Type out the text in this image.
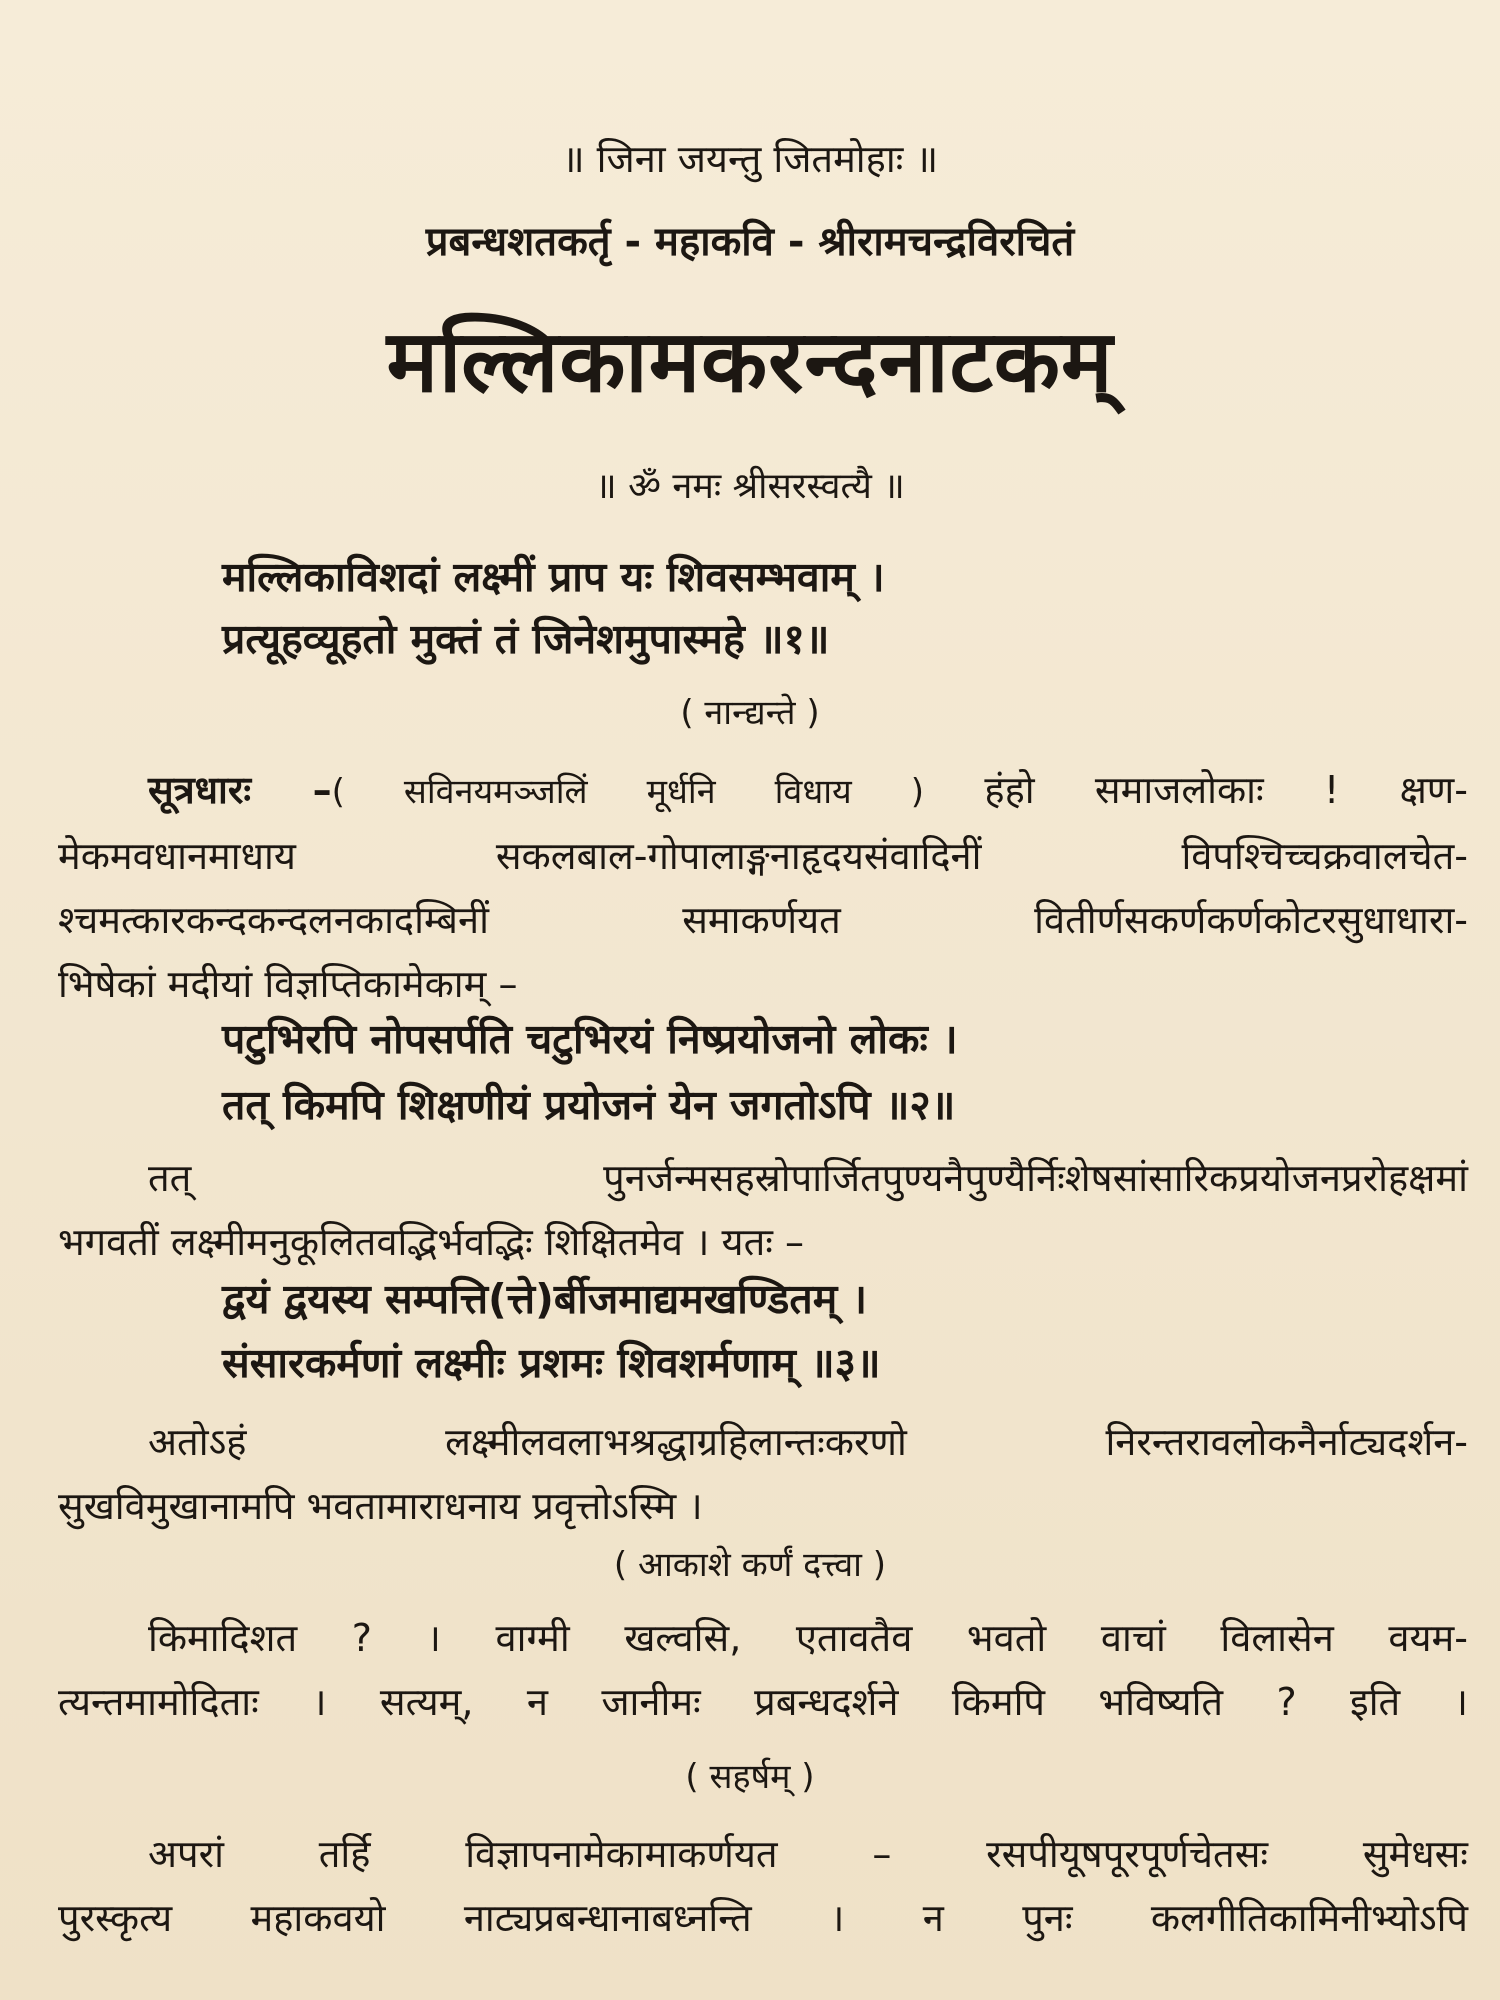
॥ जिना जयन्तु जितमोहाः ॥

प्रबन्धशतकर्तृ - महाकवि - श्रीरामचन्द्रविरचितं

मल्लिकामकरन्दनाटकम्

॥ ॐ नमः श्रीसरस्वत्यै ॥

मल्लिकाविशदां लक्ष्मीं प्राप यः शिवसम्भवाम् ।

प्रत्यूहव्यूहतो मुक्तं तं जिनेशमुपास्महे ॥१॥

( नान्द्यन्ते )

सूत्रधारः –( सविनयमञ्जलिं मूर्धनि विधाय ) हंहो समाजलोकाः ! क्षण-
मेकमवधानमाधाय सकलबाल-गोपालाङ्गनाहृदयसंवादिनीं विपश्चिच्चक्रवालचेत-
श्चमत्कारकन्दकन्दलनकादम्बिनीं समाकर्णयत वितीर्णसकर्णकर्णकोटरसुधाधारा-
भिषेकां मदीयां विज्ञप्तिकामेकाम् –

पटुभिरपि नोपसर्पति चटुभिरयं निष्प्रयोजनो लोकः ।

तत् किमपि शिक्षणीयं प्रयोजनं येन जगतोऽपि ॥२॥

तत् पुनर्जन्मसहस्रोपार्जितपुण्यनैपुण्यैर्निःशेषसांसारिकप्रयोजनप्ररोहक्षमां
भगवतीं लक्ष्मीमनुकूलितवद्भिर्भवद्भिः शिक्षितमेव । यतः –

द्वयं द्वयस्य सम्पत्ति(त्ते)र्बीजमाद्यमखण्डितम् ।

संसारकर्मणां लक्ष्मीः प्रशमः शिवशर्मणाम् ॥३॥

अतोऽहं लक्ष्मीलवलाभश्रद्धाग्रहिलान्तःकरणो निरन्तरावलोकनैर्नाट्यदर्शन-
सुखविमुखानामपि भवतामाराधनाय प्रवृत्तोऽस्मि ।

( आकाशे कर्णं दत्त्वा )

किमादिशत ? । वाग्मी खल्वसि, एतावतैव भवतो वाचां विलासेन वयम-
त्यन्तमामोदिताः । सत्यम्, न जानीमः प्रबन्धदर्शने किमपि भविष्यति ? इति ।

( सहर्षम् )

अपरां तर्हि विज्ञापनामेकामाकर्णयत – रसपीयूषपूरपूर्णचेतसः सुमेधसः
पुरस्कृत्य महाकवयो नाट्यप्रबन्धानाबध्नन्ति । न पुनः कलगीतिकामिनीभ्योऽपि
